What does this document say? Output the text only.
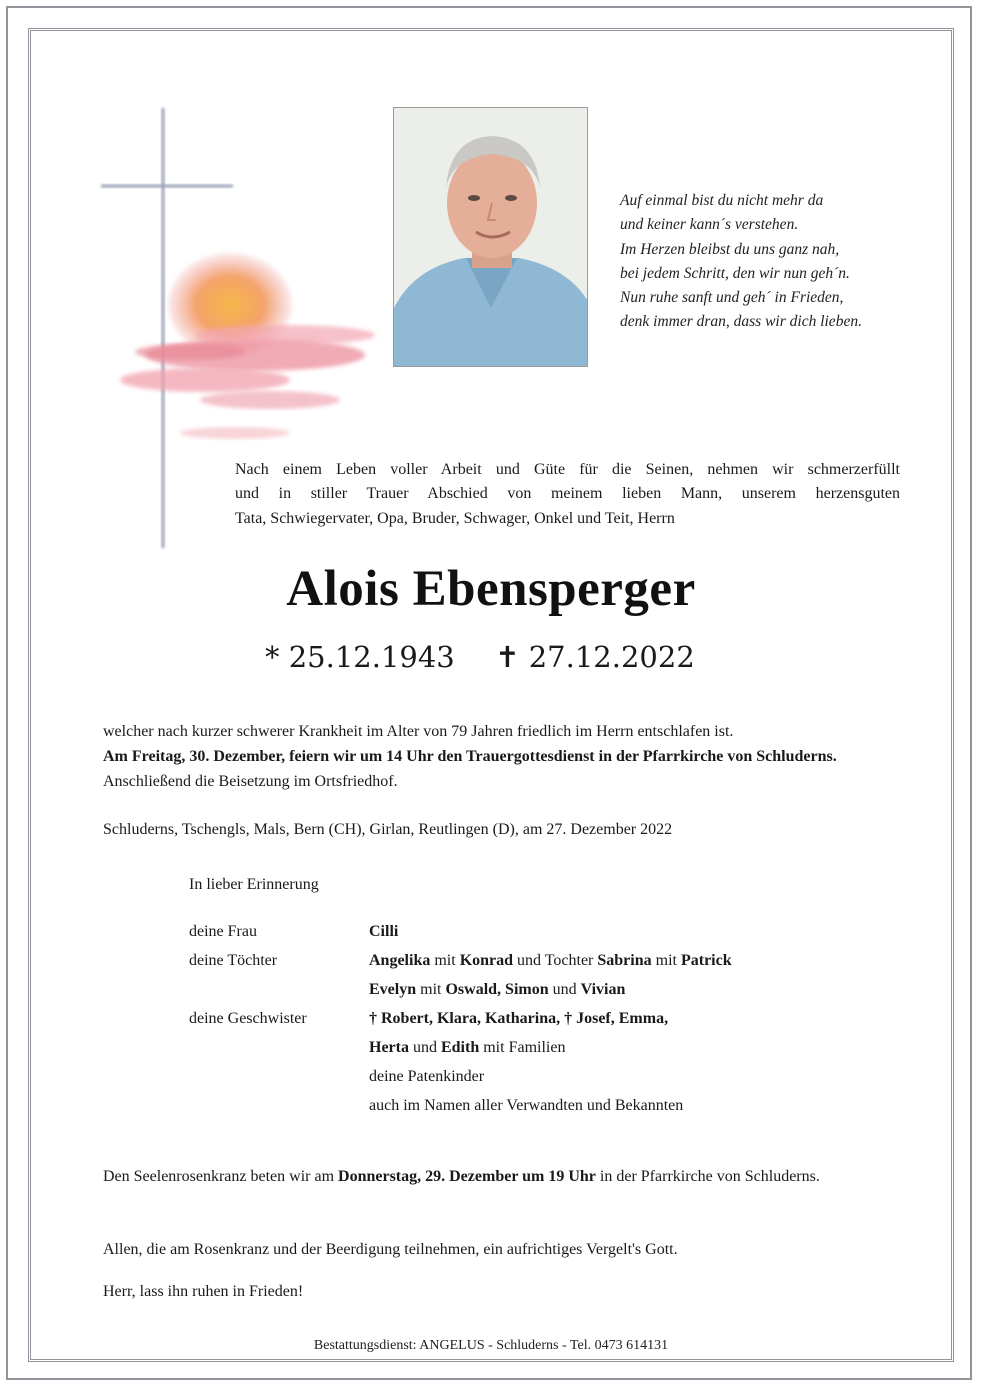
Auf einmal bist du nicht mehr da
und keiner kann´s verstehen.
Im Herzen bleibst du uns ganz nah,
bei jedem Schritt, den wir nun geh´n.
Nun ruhe sanft und geh´ in Frieden,
denk immer dran, dass wir dich lieben.
Nach einem Leben voller Arbeit und Güte für die Seinen, nehmen wir schmerzerfüllt
und in stiller Trauer Abschied von meinem lieben Mann, unserem herzensguten
Tata, Schwiegervater, Opa, Bruder, Schwager, Onkel und Teit, Herrn
Alois Ebensperger
* 25.12.1943 ✝ 27.12.2022
welcher nach kurzer schwerer Krankheit im Alter von 79 Jahren friedlich im Herrn entschlafen ist.
Am Freitag, 30. Dezember, feiern wir um 14 Uhr den Trauergottesdienst in der Pfarrkirche von Schluderns. Anschließend die Beisetzung im Ortsfriedhof.
Schluderns, Tschengls, Mals, Bern (CH), Girlan, Reutlingen (D), am 27. Dezember 2022
In lieber Erinnerung
deine Frau	Cilli
deine Töchter	Angelika mit Konrad und Tochter Sabrina mit Patrick
Evelyn mit Oswald, Simon und Vivian
deine Geschwister	† Robert, Klara, Katharina, † Josef, Emma,
Herta und Edith mit Familien
deine Patenkinder
auch im Namen aller Verwandten und Bekannten
Den Seelenrosenkranz beten wir am Donnerstag, 29. Dezember um 19 Uhr in der Pfarrkirche von Schluderns.
Allen, die am Rosenkranz und der Beerdigung teilnehmen, ein aufrichtiges Vergelt's Gott.
Herr, lass ihn ruhen in Frieden!
Bestattungsdienst: ANGELUS - Schluderns - Tel. 0473 614131
